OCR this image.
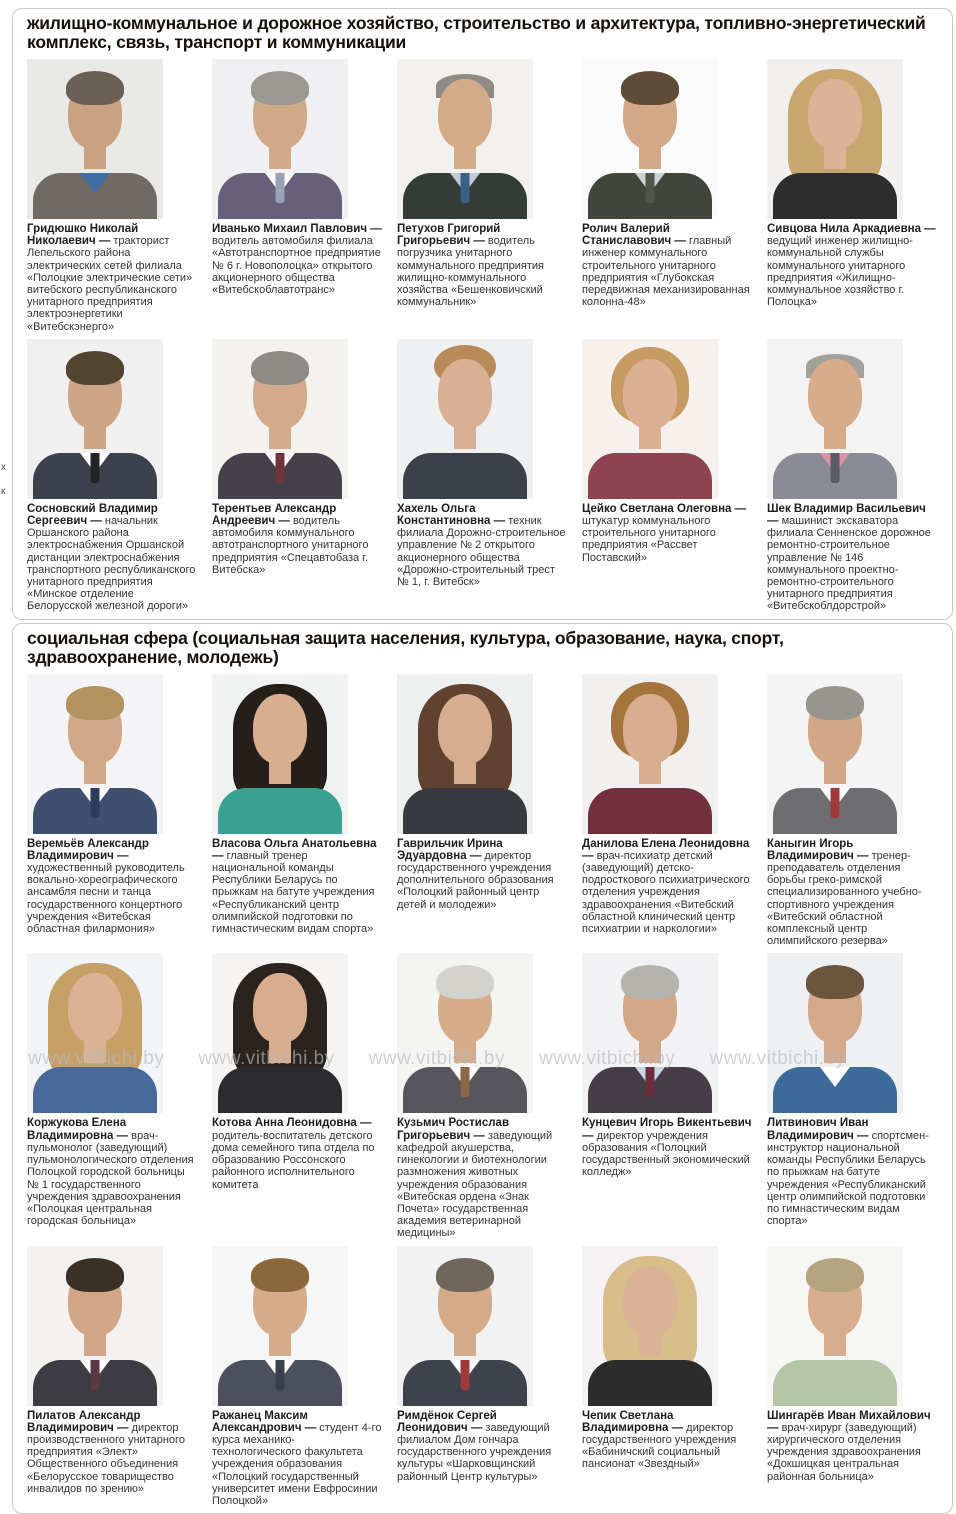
жилищно-коммунальное и дорожное хозяйство, строительство и архитектура, топливно-энергетический комплекс, связь, транспорт и коммуникации
Гридюшко Николай Николаевич — тракторист Лепельского района электрических сетей филиала «Полоцкие электрические сети» витебского республиканского унитарного предприятия электроэнергетики «Витебскэнерго»
Иванько Михаил Павлович — водитель автомобиля филиала «Автотранспортное предприятие № 6 г. Новополоцка» открытого акционерного общества «Витебскоблавтотранс»
Петухов Григорий Григорьевич — водитель погрузчика унитарного коммунального предприятия жилищно-коммунального хозяйства «Бешенковичский коммунальник»
Ролич Валерий Станиславович — главный инженер коммунального строительного унитарного предприятия «Глубокская передвижная механизированная колонна-48»
Сивцова Нила Аркадиевна — ведущий инженер жилищно-коммунальной службы коммунального унитарного предприятия «Жилищно-коммунальное хозяйство г. Полоцка»
Сосновский Владимир Сергеевич — начальник Оршанского района электроснабжения Оршанской дистанции электроснабжения транспортного республиканского унитарного предприятия «Минское отделение Белорусской железной дороги»
Терентьев Александр Андреевич — водитель автомобиля коммунального автотранспортного унитарного предприятия «Спецавтобаза г. Витебска»
Хахель Ольга Константиновна — техник филиала Дорожно-строительное управление № 2 открытого акционерного общества «Дорожно-строительный трест № 1, г. Витебск»
Цейко Светлана Олеговна — штукатур коммунального строительного унитарного предприятия «Рассвет Поставский»
Шек Владимир Васильевич — машинист экскаватора филиала Сенненское дорожное ремонтно-строительное управление № 146 коммунального проектно-ремонтно-строительного унитарного предприятия «Витебскоблдорстрой»
социальная сфера (социальная защита населения, культура, образование, наука, спорт, здравоохранение, молодежь)
Веремьёв Александр Владимирович — художественный руководитель вокально-хореографического ансамбля песни и танца государственного концертного учреждения «Витебская областная филармония»
Власова Ольга Анатольевна — главный тренер национальной команды Республики Беларусь по прыжкам на батуте учреждения «Республиканский центр олимпийской подготовки по гимнастическим видам спорта»
Гаврильчик Ирина Эдуардовна — директор государственного учреждения дополнительного образования «Полоцкий районный центр детей и молодежи»
Данилова Елена Леонидовна — врач-психиатр детский (заведующий) детско-подросткового психиатрического отделения учреждения здравоохранения «Витебский областной клинический центр психиатрии и наркологии»
Каныгин Игорь Владимирович — тренер-преподаватель отделения борьбы греко-римской специализированного учебно-спортивного учреждения «Витебский областной комплексный центр олимпийского резерва»
Коржукова Елена Владимировна — врач-пульмонолог (заведующий) пульмонологического отделения Полоцкой городской больницы № 1 государственного учреждения здравоохранения «Полоцкая центральная городская больница»
Котова Анна Леонидовна — родитель-воспитатель детского дома семейного типа отдела по образованию Россонского районного исполнительного комитета
Кузьмич Ростислав Григорьевич — заведующий кафедрой акушерства, гинекологии и биотехнологии размножения животных учреждения образования «Витебская ордена «Знак Почета» государственная академия ветеринарной медицины»
Кунцевич Игорь Викентьевич — директор учреждения образования «Полоцкий государственный экономический колледж»
Литвинович Иван Владимирович — спортсмен-инструктор национальной команды Республики Беларусь по прыжкам на батуте учреждения «Республиканский центр олимпийской подготовки по гимнастическим видам спорта»
Пилатов Александр Владимирович — директор производственного унитарного предприятия «Элект» Общественного объединения «Белорусское товарищество инвалидов по зрению»
Ражанец Максим Александрович — студент 4-го курса механико-технологического факультета учреждения образования «Полоцкий государственный университет имени Евфросинии Полоцкой»
Римдёнок Сергей Леонидович — заведующий филиалом Дом гончара государственного учреждения культуры «Шарковщинский районный Центр культуры»
Чепик Светлана Владимировна — директор государственного учреждения «Бабиничский социальный пансионат «Звездный»
Шингарёв Иван Михайлович — врач-хирург (заведующий) хирургического отделения учреждения здравоохранения «Докшицкая центральная районная больница»
www.vitbichi.by www.vitbichi.by www.vitbichi.by www.vitbichi.by www.vitbichi.by
х
к
